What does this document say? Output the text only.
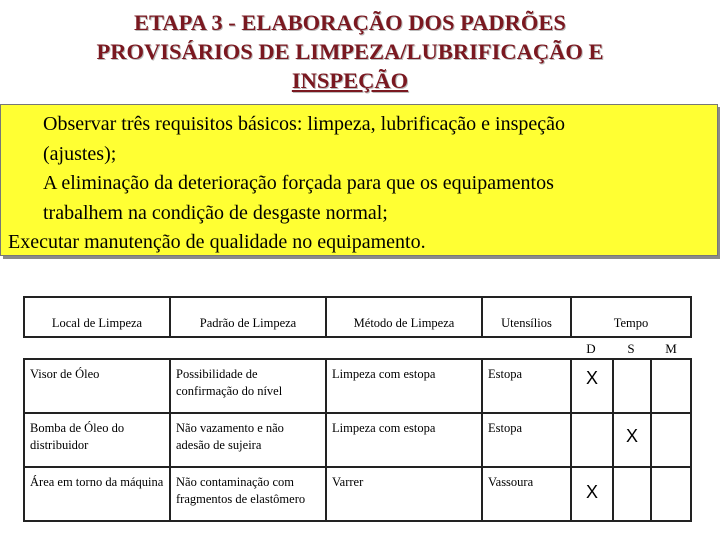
ETAPA 3 - ELABORAÇÃO DOS PADRÕES
PROVISÁRIOS DE LIMPEZA/LUBRIFICAÇÃO E
INSPEÇÃO

Observar três requisitos básicos: limpeza, lubrificação e inspeção

(ajustes);

A eliminação da deterioração forçada para que os equipamentos

trabalhem na condição de desgaste normal;

Executar manutenção de qualidade no equipamento.

Local de Limpeza	Padrão de Limpeza	Método de Limpeza	Utensílios	Tempo		
				D	S	M
Visor de Óleo	Possibilidade de confirmação do nível	Limpeza com estopa	Estopa	X		
Bomba de Óleo do distribuidor	Não vazamento e não adesão de sujeira	Limpeza com estopa	Estopa		X	
Área em torno da máquina	Não contaminação com fragmentos de elastômero	Varrer	Vassoura	X		
